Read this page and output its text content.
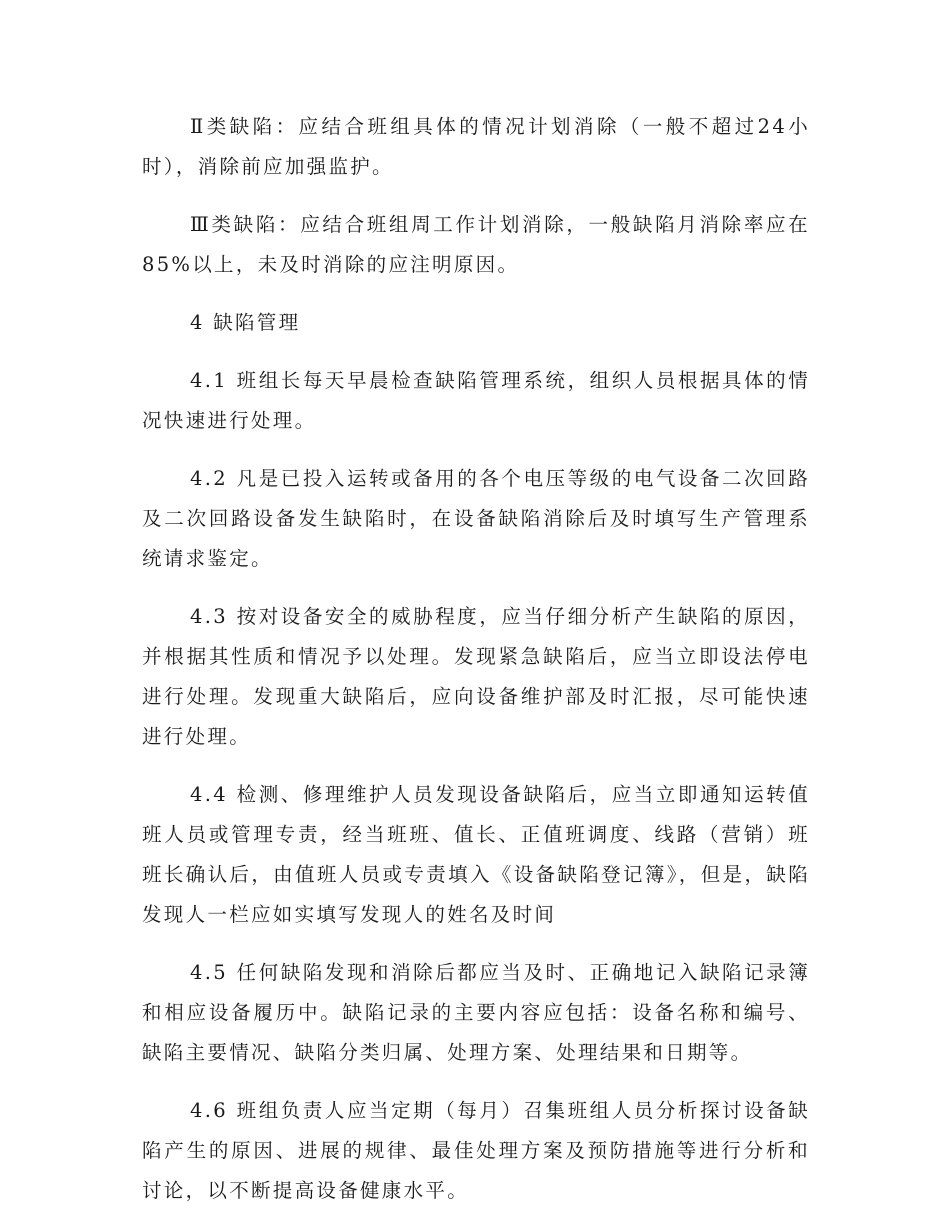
Ⅱ类缺陷：应结合班组具体的情况计划消除（一般不超过24小时），消除前应加强监护。

Ⅲ类缺陷：应结合班组周工作计划消除，一般缺陷月消除率应在85%以上，未及时消除的应注明原因。

4 缺陷管理

4.1 班组长每天早晨检查缺陷管理系统，组织人员根据具体的情况快速进行处理。

4.2 凡是已投入运转或备用的各个电压等级的电气设备二次回路及二次回路设备发生缺陷时，在设备缺陷消除后及时填写生产管理系统请求鉴定。

4.3 按对设备安全的威胁程度，应当仔细分析产生缺陷的原因，并根据其性质和情况予以处理。发现紧急缺陷后，应当立即设法停电进行处理。发现重大缺陷后，应向设备维护部及时汇报，尽可能快速进行处理。

4.4 检测、修理维护人员发现设备缺陷后，应当立即通知运转值班人员或管理专责，经当班班、值长、正值班调度、线路（营销）班班长确认后，由值班人员或专责填入《设备缺陷登记簿》，但是，缺陷发现人一栏应如实填写发现人的姓名及时间

4.5 任何缺陷发现和消除后都应当及时、正确地记入缺陷记录簿和相应设备履历中。缺陷记录的主要内容应包括：设备名称和编号、缺陷主要情况、缺陷分类归属、处理方案、处理结果和日期等。

4.6 班组负责人应当定期（每月）召集班组人员分析探讨设备缺陷产生的原因、进展的规律、最佳处理方案及预防措施等进行分析和讨论，以不断提高设备健康水平。
